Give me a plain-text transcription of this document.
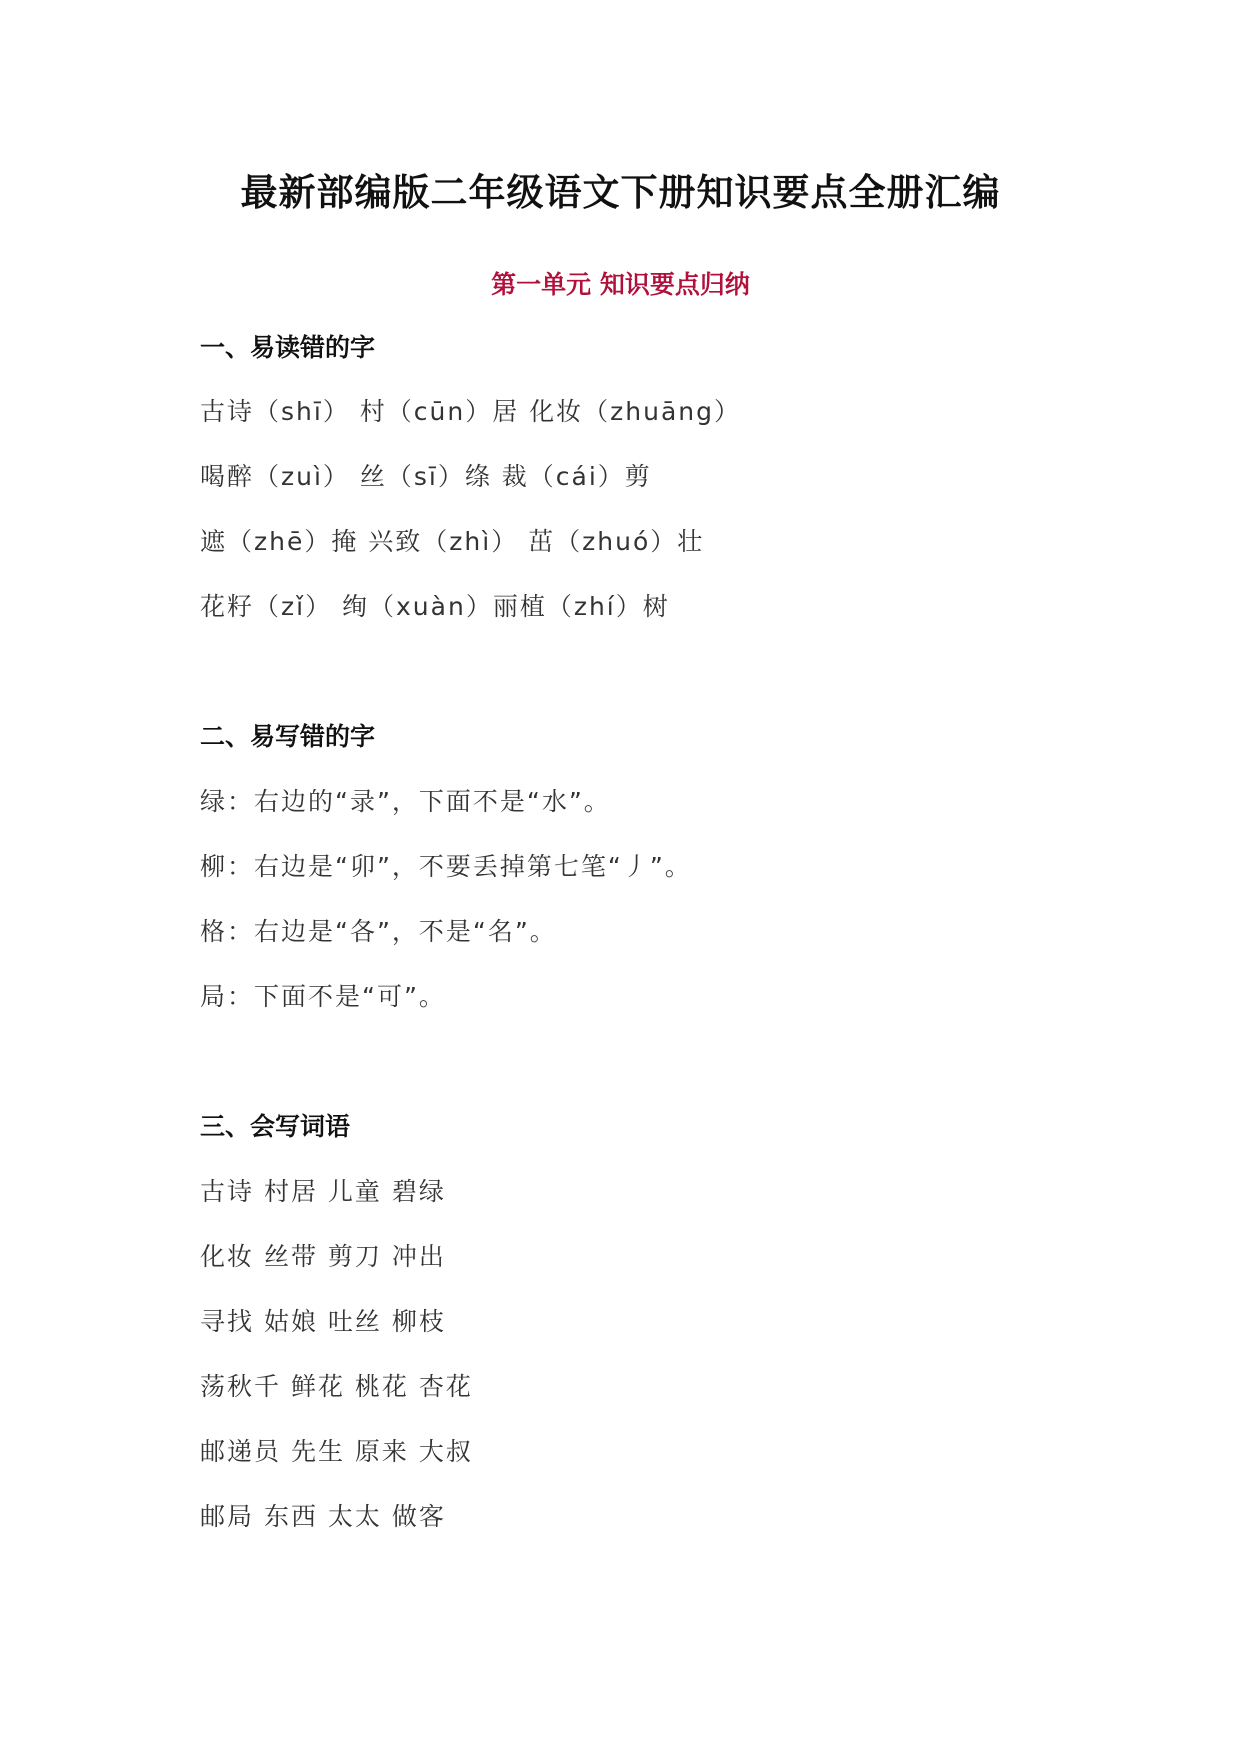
最新部编版二年级语文下册知识要点全册汇编
第一单元 知识要点归纳
一、易读错的字
古诗（shī） 村（cūn）居 化妆（zhuāng）
喝醉（zuì） 丝（sī）绦 裁（cái）剪
遮（zhē）掩 兴致（zhì） 茁（zhuó）壮
花籽（zǐ） 绚（xuàn）丽植（zhí）树
二、易写错的字
绿：右边的“录”，下面不是“水”。
柳：右边是“卯”，不要丢掉第七笔“丿”。
格：右边是“各”，不是“名”。
局：下面不是“可”。
三、会写词语
古诗 村居 儿童 碧绿
化妆 丝带 剪刀 冲出
寻找 姑娘 吐丝 柳枝
荡秋千 鲜花 桃花 杏花
邮递员 先生 原来 大叔
邮局 东西 太太 做客
